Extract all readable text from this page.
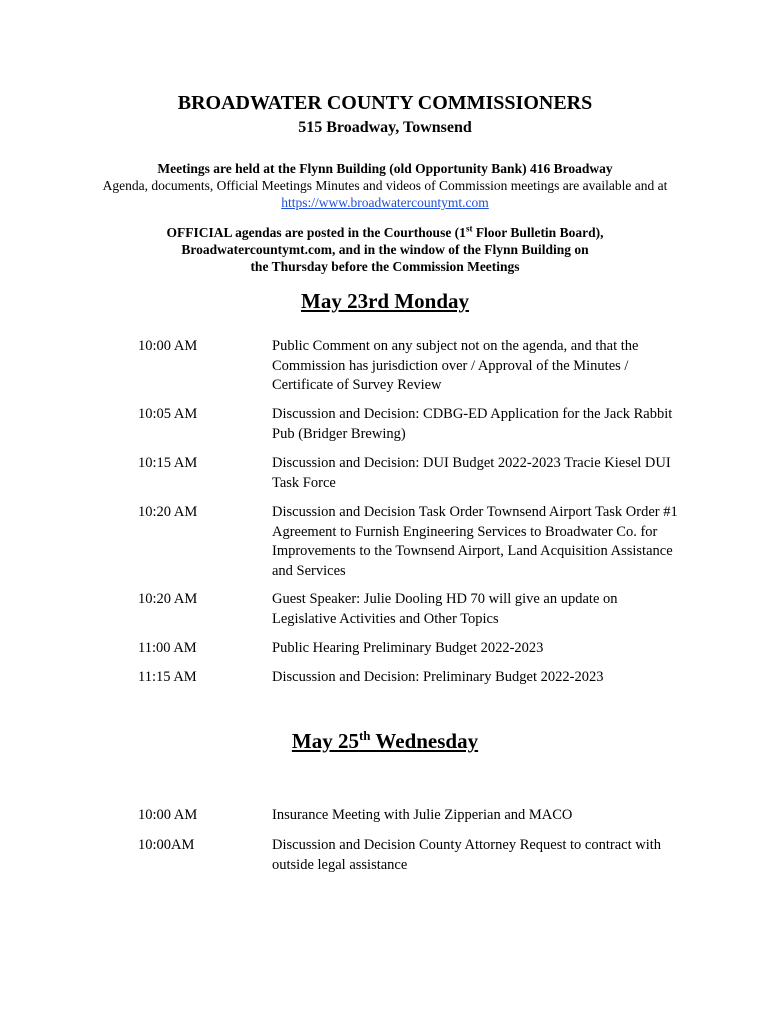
BROADWATER COUNTY COMMISSIONERS
515 Broadway, Townsend
Meetings are held at the Flynn Building (old Opportunity Bank) 416 Broadway
Agenda, documents, Official Meetings Minutes and videos of Commission meetings are available and at
https://www.broadwatercountymt.com
OFFICIAL agendas are posted in the Courthouse (1st Floor Bulletin Board),
Broadwatercountymt.com, and in the window of the Flynn Building on
the Thursday before the Commission Meetings
May 23rd Monday
10:00 AM	Public Comment on any subject not on the agenda, and that the Commission has jurisdiction over / Approval of the Minutes / Certificate of Survey Review
10:05 AM	Discussion and Decision: CDBG-ED Application for the Jack Rabbit Pub (Bridger Brewing)
10:15 AM	Discussion and Decision: DUI Budget 2022-2023 Tracie Kiesel DUI Task Force
10:20 AM	Discussion and Decision Task Order Townsend Airport Task Order #1 Agreement to Furnish Engineering Services to Broadwater Co. for Improvements to the Townsend Airport, Land Acquisition Assistance and Services
10:20 AM	Guest Speaker: Julie Dooling HD 70 will give an update on Legislative Activities and Other Topics
11:00 AM	Public Hearing Preliminary Budget 2022-2023
11:15 AM	Discussion and Decision: Preliminary Budget 2022-2023
May 25th Wednesday
10:00 AM	Insurance Meeting with Julie Zipperian and MACO
10:00AM	Discussion and Decision County Attorney Request to contract with outside legal assistance
